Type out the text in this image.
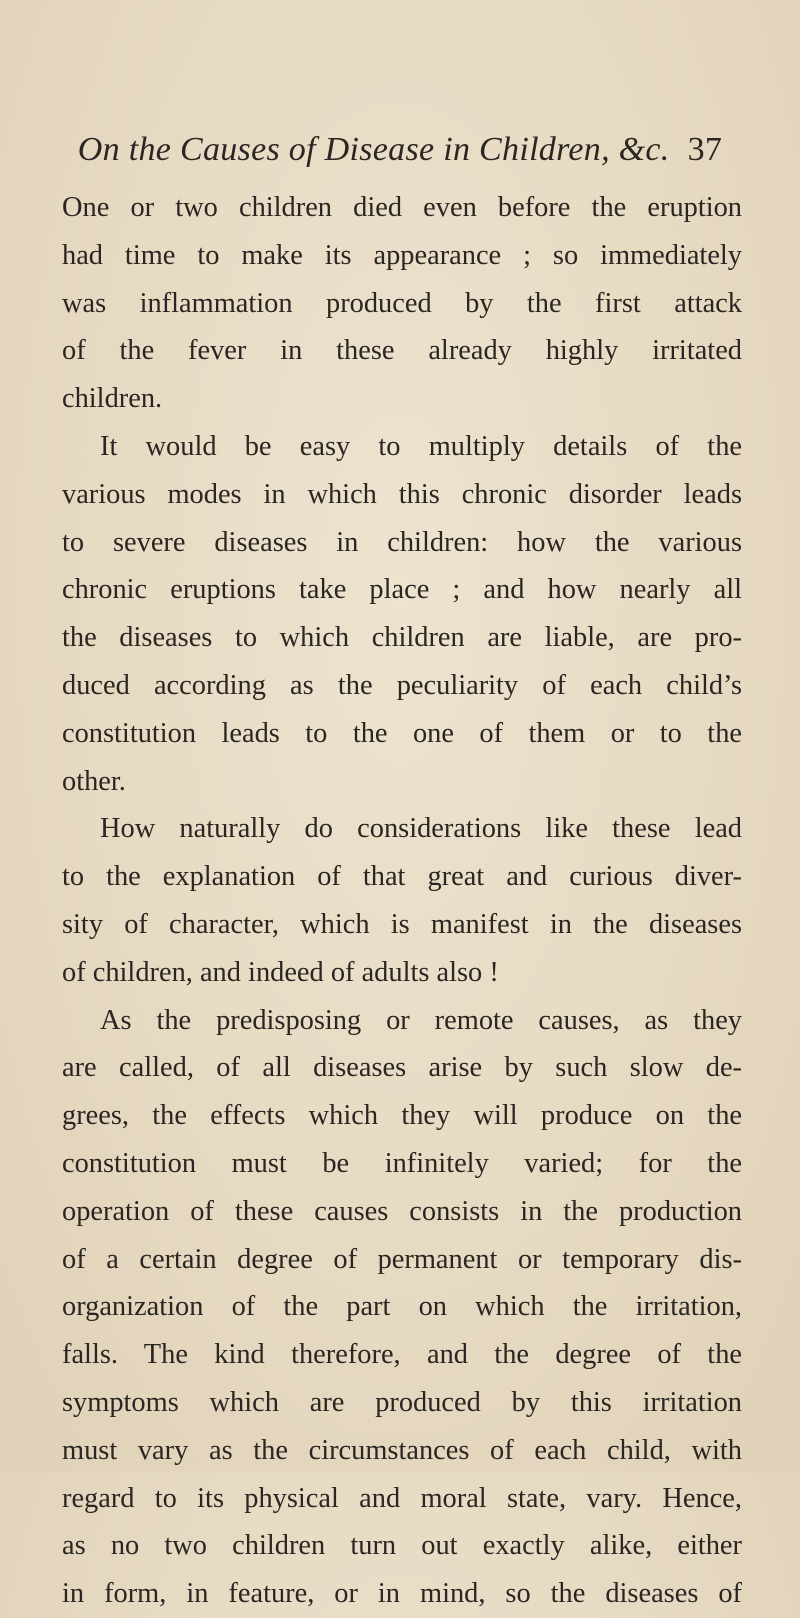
On the Causes of Disease in Children, &c. 37
One or two children died even before the eruption
had time to make its appearance ; so immediately
was inflammation produced by the first attack
of the fever in these already highly irritated
children.
It would be easy to multiply details of the
various modes in which this chronic disorder leads
to severe diseases in children: how the various
chronic eruptions take place ; and how nearly all
the diseases to which children are liable, are pro-
duced according as the peculiarity of each child’s
constitution leads to the one of them or to the
other.
How naturally do considerations like these lead
to the explanation of that great and curious diver-
sity of character, which is manifest in the diseases
of children, and indeed of adults also !
As the predisposing or remote causes, as they
are called, of all diseases arise by such slow de-
grees, the effects which they will produce on the
constitution must be infinitely varied; for the
operation of these causes consists in the production
of a certain degree of permanent or temporary dis-
organization of the part on which the irritation,
falls. The kind therefore, and the degree of the
symptoms which are produced by this irritation
must vary as the circumstances of each child, with
regard to its physical and moral state, vary. Hence,
as no two children turn out exactly alike, either
in form, in feature, or in mind, so the diseases of
